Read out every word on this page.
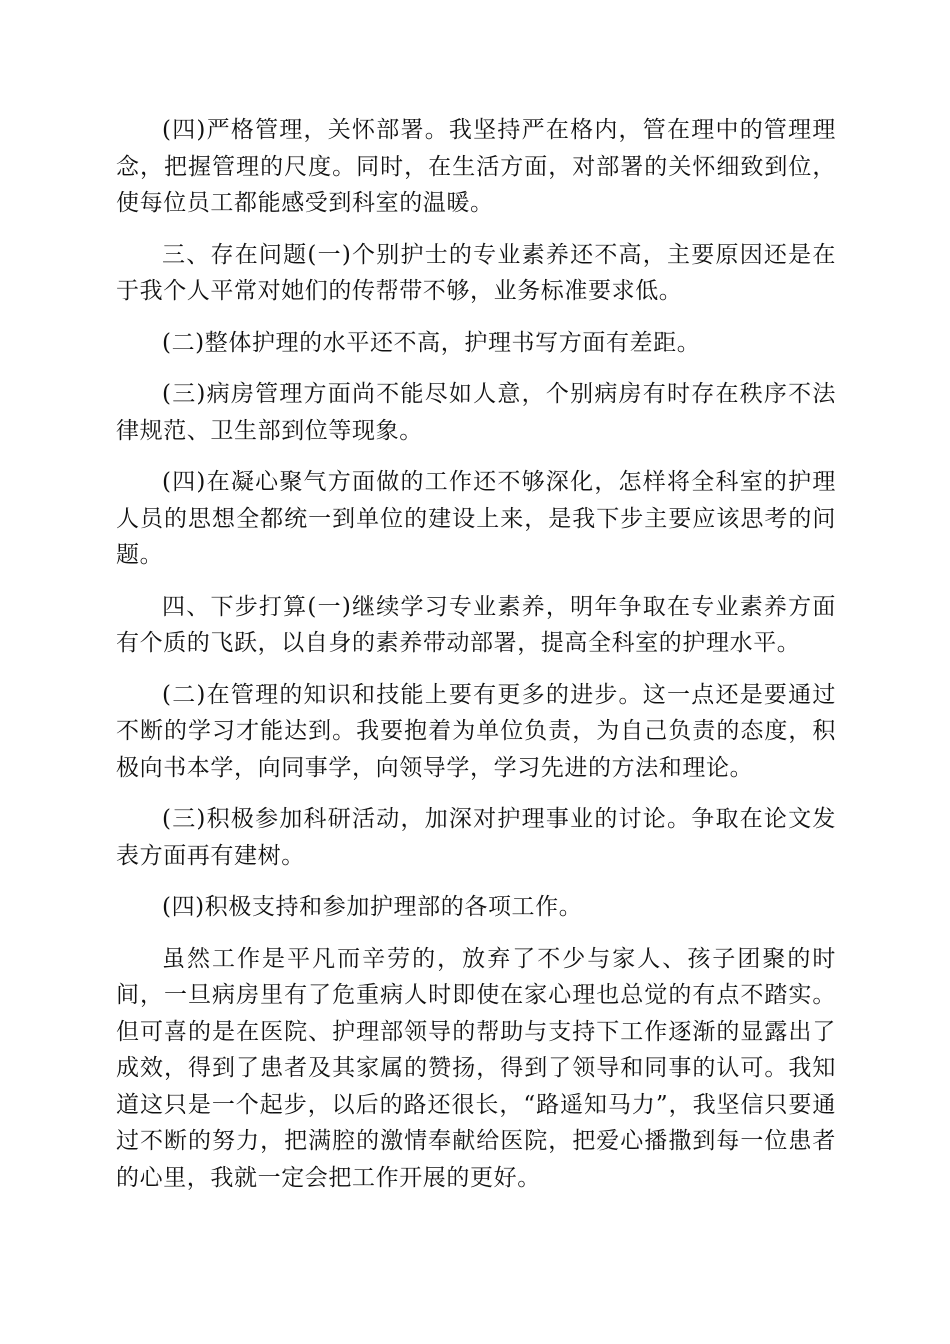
(四)严格管理，关怀部署。我坚持严在格内，管在理中的管理理念，把握管理的尺度。同时，在生活方面，对部署的关怀细致到位，使每位员工都能感受到科室的温暖。

三、存在问题(一)个别护士的专业素养还不高，主要原因还是在于我个人平常对她们的传帮带不够，业务标准要求低。

(二)整体护理的水平还不高，护理书写方面有差距。

(三)病房管理方面尚不能尽如人意，个别病房有时存在秩序不法律规范、卫生部到位等现象。

(四)在凝心聚气方面做的工作还不够深化，怎样将全科室的护理人员的思想全都统一到单位的建设上来，是我下步主要应该思考的问题。

四、下步打算(一)继续学习专业素养，明年争取在专业素养方面有个质的飞跃，以自身的素养带动部署，提高全科室的护理水平。

(二)在管理的知识和技能上要有更多的进步。这一点还是要通过不断的学习才能达到。我要抱着为单位负责，为自己负责的态度，积极向书本学，向同事学，向领导学，学习先进的方法和理论。

(三)积极参加科研活动，加深对护理事业的讨论。争取在论文发表方面再有建树。

(四)积极支持和参加护理部的各项工作。

虽然工作是平凡而辛劳的，放弃了不少与家人、孩子团聚的时间，一旦病房里有了危重病人时即使在家心理也总觉的有点不踏实。但可喜的是在医院、护理部领导的帮助与支持下工作逐渐的显露出了成效，得到了患者及其家属的赞扬，得到了领导和同事的认可。我知道这只是一个起步，以后的路还很长，“路遥知马力”，我坚信只要通过不断的努力，把满腔的激情奉献给医院，把爱心播撒到每一位患者的心里，我就一定会把工作开展的更好。
